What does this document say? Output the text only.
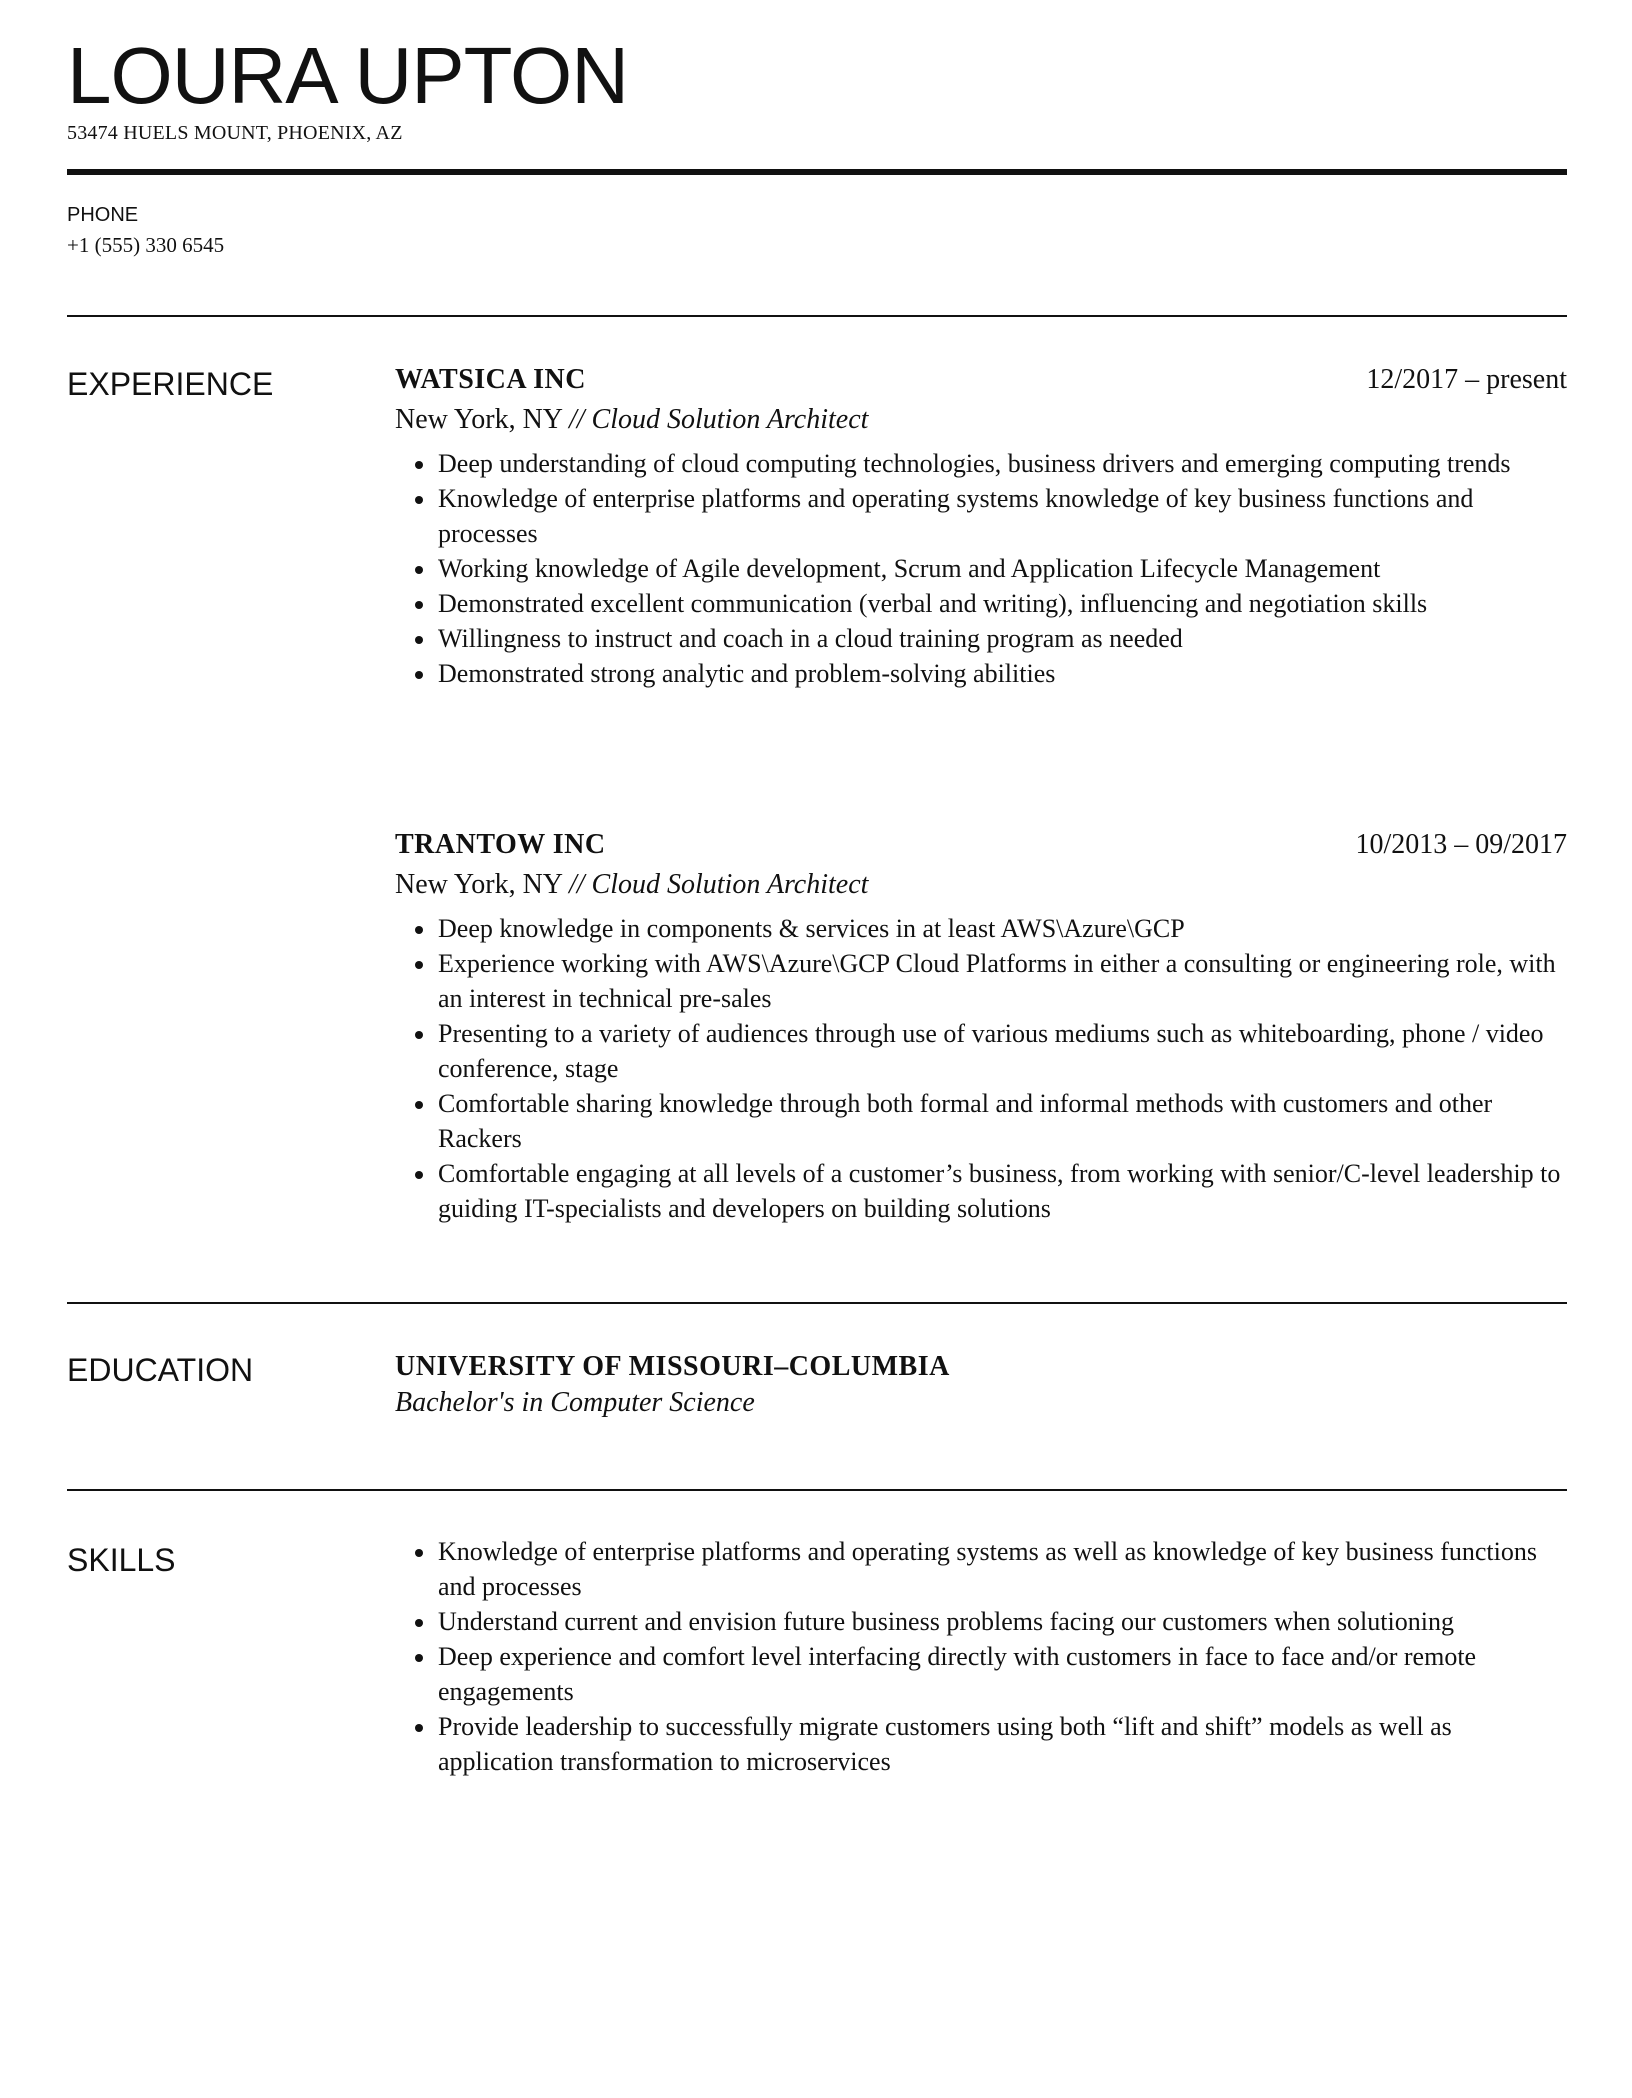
LOURA UPTON
53474 HUELS MOUNT, PHOENIX, AZ
PHONE
+1 (555) 330 6545
EXPERIENCE	WATSICA INC	12/2017 – present
New York, NY // Cloud Solution Architect
Deep understanding of cloud computing technologies, business drivers and emerging computing trends
Knowledge of enterprise platforms and operating systems knowledge of key business functions and processes
Working knowledge of Agile development, Scrum and Application Lifecycle Management
Demonstrated excellent communication (verbal and writing), influencing and negotiation skills
Willingness to instruct and coach in a cloud training program as needed
Demonstrated strong analytic and problem-solving abilities
TRANTOW INC	10/2013 – 09/2017
New York, NY // Cloud Solution Architect
Deep knowledge in components & services in at least AWS\Azure\GCP
Experience working with AWS\Azure\GCP Cloud Platforms in either a consulting or engineering role, with an interest in technical pre-sales
Presenting to a variety of audiences through use of various mediums such as whiteboarding, phone / video conference, stage
Comfortable sharing knowledge through both formal and informal methods with customers and other Rackers
Comfortable engaging at all levels of a customer’s business, from working with senior/C-level leadership to guiding IT-specialists and developers on building solutions
EDUCATION	UNIVERSITY OF MISSOURI–COLUMBIA
Bachelor's in Computer Science
SKILLS	Knowledge of enterprise platforms and operating systems as well as knowledge of key business functions and processes
Understand current and envision future business problems facing our customers when solutioning
Deep experience and comfort level interfacing directly with customers in face to face and/or remote engagements
Provide leadership to successfully migrate customers using both “lift and shift” models as well as application transformation to microservices
